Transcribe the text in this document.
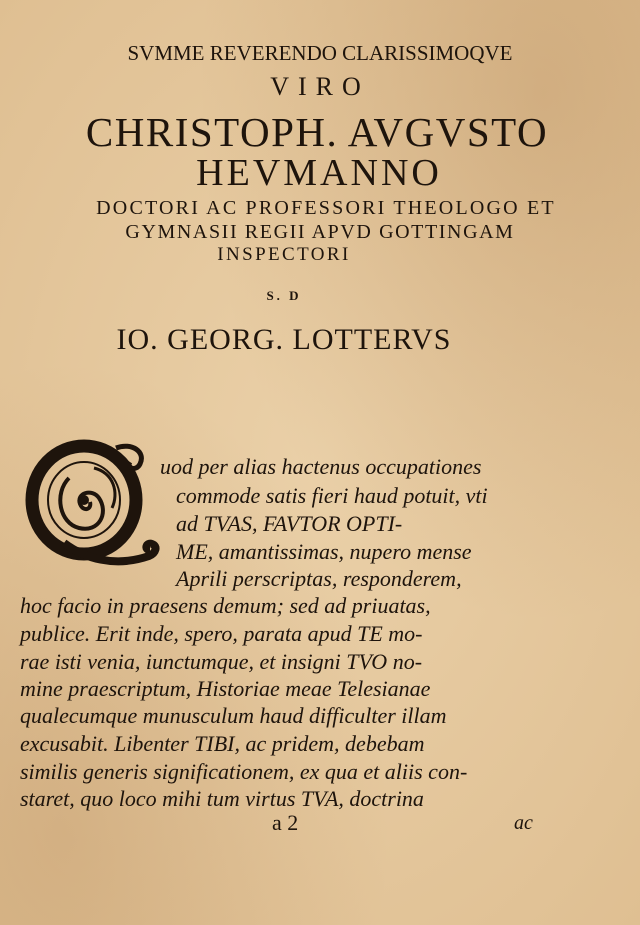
SVMME REVERENDO CLARISSIMOQVE
VIRO
CHRISTOPH. AVGVSTO
HEVMANNO
DOCTORI AC PROFESSORI THEOLOGO ET
GYMNASII REGII APVD GOTTINGAM
INSPECTORI
S. D
IO. GEORG. LOTTERVS
uod per alias hactenus occupationes
commode satis fieri haud potuit, vti
ad TVAS, FAVTOR OPTI-
ME, amantissimas, nupero mense
Aprili perscriptas, responderem,
hoc facio in praesens demum; sed ad priuatas,
publice. Erit inde, spero, parata apud TE mo-
rae isti venia, iunctumque, et insigni TVO no-
mine praescriptum, Historiae meae Telesianae
qualecumque munusculum haud difficulter illam
excusabit. Libenter TIBI, ac pridem, debebam
similis generis significationem, ex qua et aliis con-
staret, quo loco mihi tum virtus TVA, doctrina
a 2	ac
